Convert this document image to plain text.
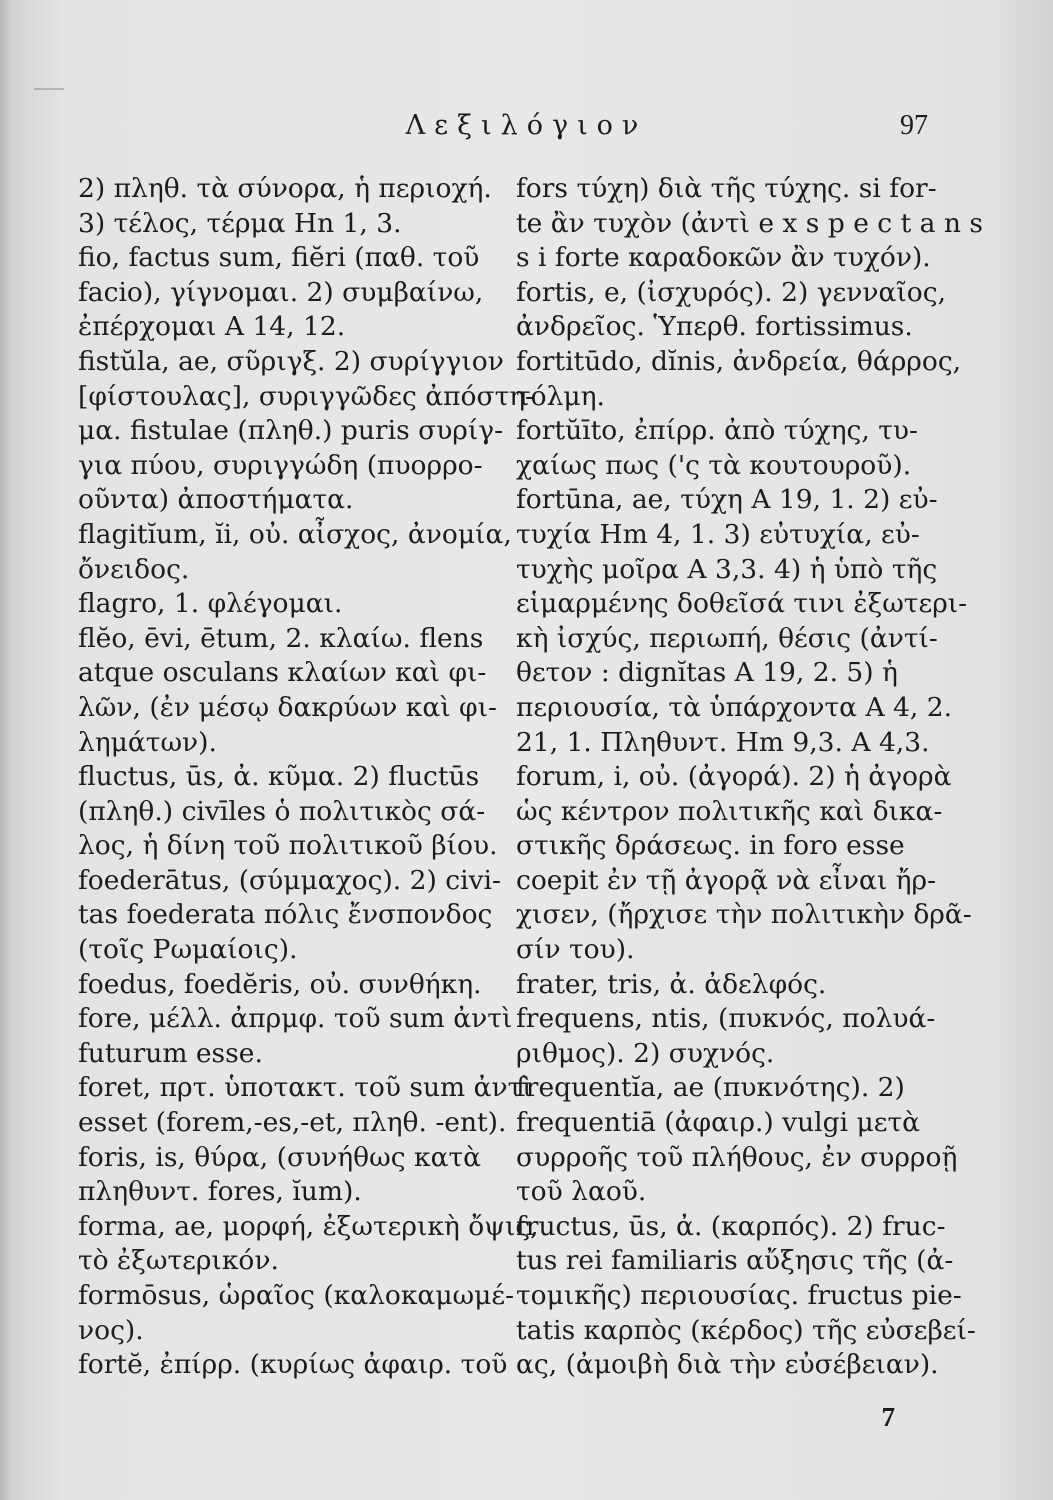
Λεξιλόγιον	97
2) πληθ. τὰ σύνορα, ἡ περιοχή.
3) τέλος, τέρμα Hn 1, 3.
fio, factus sum, fiĕri (παθ. τοῦ
facio), γίγνομαι. 2) συμβαίνω,
ἐπέρχομαι A 14, 12.
fistŭla, ae, σῦριγξ. 2) συρίγγιον
[φίστουλας], συριγγῶδες ἀπόστη-
μα. fistulae (πληθ.) puris συρίγ-
για πύου, συριγγώδη (πυορρο-
οῦντα) ἀποστήματα.
flagitĭum, ĭi, οὐ. αἶσχος, ἀνομία,
ὄνειδος.
flagro, 1. φλέγομαι.
flĕo, ēvi, ētum, 2. κλαίω. flens
atque osculans κλαίων καὶ φι-
λῶν, (ἐν μέσῳ δακρύων καὶ φι-
λημάτων).
fluctus, ūs, ἀ. κῦμα. 2) fluctūs
(πληθ.) civīles ὁ πολιτικὸς σά-
λος, ἡ δίνη τοῦ πολιτικοῦ βίου.
foederātus, (σύμμαχος). 2) civi-
tas foederata πόλις ἔνσπονδος
(τοῖς Ρωμαίοις).
foedus, foedĕris, οὐ. συνθήκη.
fore, μέλλ. ἀπρμφ. τοῦ sum ἀντὶ
futurum esse.
foret, πρτ. ὑποτακτ. τοῦ sum ἀντὶ
esset (forem,-es,-et, πληθ. -ent).
foris, is, θύρα, (συνήθως κατὰ
πληθυντ. fores, ĭum).
forma, ae, μορφή, ἐξωτερικὴ ὄψις,
τὸ ἐξωτερικόν.
formōsus, ὡραῖος (καλοκαμωμέ-
νος).
fortĕ, ἐπίρρ. (κυρίως ἀφαιρ. τοῦ
fors τύχη) διὰ τῆς τύχης. si for-
te ἂν τυχὸν (ἀντὶ e x s p e c t a n s
s i forte καραδοκῶν ἂν τυχόν).
fortis, e, (ἰσχυρός). 2) γενναῖος,
ἀνδρεῖος. Ὑπερθ. fortissimus.
fortitūdo, dĭnis, ἀνδρεία, θάρρος,
τόλμη.
fortŭīto, ἐπίρρ. ἀπὸ τύχης, τυ-
χαίως πως ('ς τὰ κουτουροῦ).
fortūna, ae, τύχη A 19, 1. 2) εὐ-
τυχία Hm 4, 1. 3) εὐτυχία, εὐ-
τυχὴς μοῖρα A 3,3. 4) ἡ ὑπὸ τῆς
εἱμαρμένης δοθεῖσά τινι ἐξωτερι-
κὴ ἰσχύς, περιωπή, θέσις (ἀντί-
θετον : dignĭtas A 19, 2. 5) ἡ
περιουσία, τὰ ὑπάρχοντα A 4, 2.
21, 1. Πληθυντ. Hm 9,3. A 4,3.
forum, i, οὐ. (ἀγορά). 2) ἡ ἀγορὰ
ὡς κέντρον πολιτικῆς καὶ δικα-
στικῆς δράσεως. in foro esse
coepit ἐν τῇ ἀγορᾷ νὰ εἶναι ἤρ-
χισεν, (ἤρχισε τὴν πολιτικὴν δρᾶ-
σίν του).
frater, tris, ἀ. ἀδελφός.
frequens, ntis, (πυκνός, πολυά-
ριθμος). 2) συχνός.
frequentĭa, ae (πυκνότης). 2)
frequentiā (ἀφαιρ.) vulgi μετὰ
συρροῆς τοῦ πλήθους, ἐν συρροῇ
τοῦ λαοῦ.
fructus, ūs, ἀ. (καρπός). 2) fruc-
tus rei familiaris αὔξησις τῆς (ἀ-
τομικῆς) περιουσίας. fructus pie-
tatis καρπὸς (κέρδος) τῆς εὐσεβεί-
ας, (ἀμοιβὴ διὰ τὴν εὐσέβειαν).
7
